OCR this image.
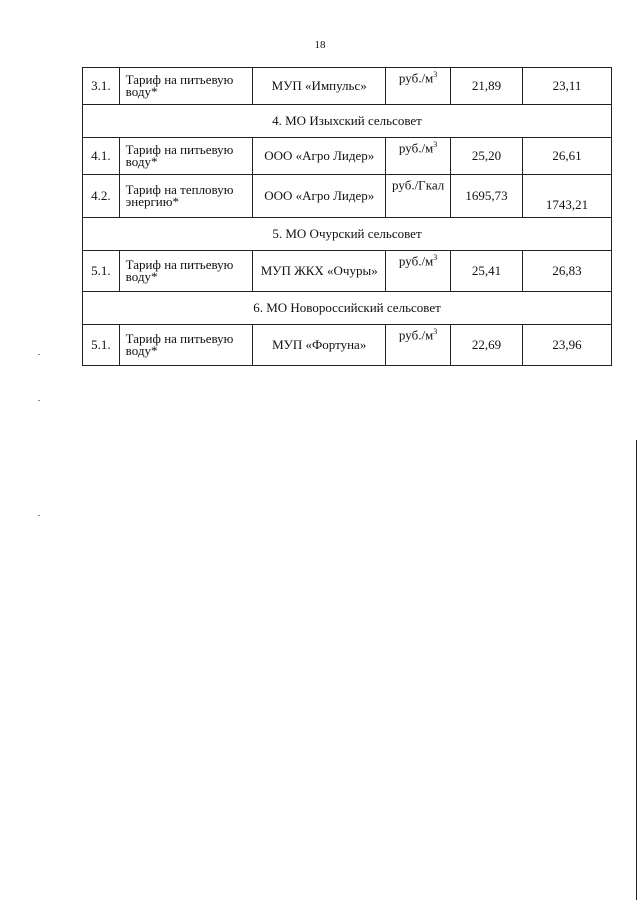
18
3.1.	Тариф на питьевую воду*	МУП «Импульс»	$руб./м^3$	21,89	23,11
4. МО Изыхский сельсовет					
4.1.	Тариф на питьевую воду*	ООО «Агро Лидер»	$руб./м^3$	25,20	26,61
4.2.	Тариф на тепловую энергию*	ООО «Агро Лидер»	руб./Гкал	1695,73	1743,21
5. МО Очурский сельсовет					
5.1.	Тариф на питьевую воду*	МУП ЖКХ «Очуры»	$руб./м^3$	25,41	26,83
6. МО Новороссийский сельсовет					
5.1.	Тариф на питьевую воду*	МУП «Фортуна»	$руб./м^3$	22,69	23,96
